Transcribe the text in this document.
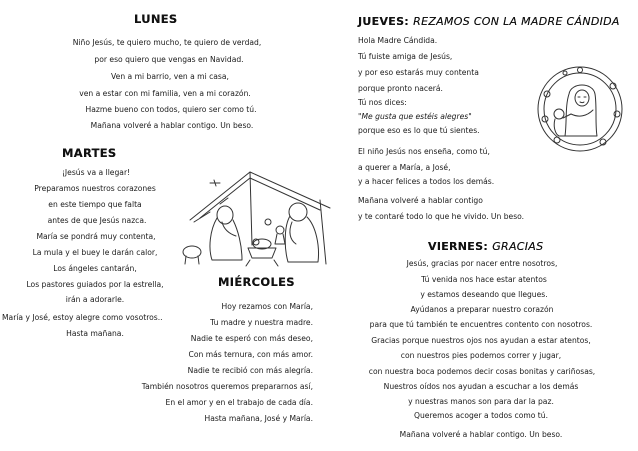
LUNES
Niño Jesús, te quiero mucho, te quiero de verdad,
por eso quiero que vengas en Navidad.
Ven a mi barrio, ven a mi casa,
ven a estar con mi familia, ven a mi corazón.
Hazme bueno con todos, quiero ser como tú.
Mañana volveré a hablar contigo. Un beso.
MARTES
¡Jesús va a llegar!
Preparamos nuestros corazones
en este tiempo que falta
antes de que Jesús nazca.
María se pondrá muy contenta,
La mula y el buey le darán calor,
Los ángeles cantarán,
Los pastores guiados por la estrella,
irán a adorarle.
María y José, estoy alegre como vosotros..
Hasta mañana.
MIÉRCOLES
Hoy rezamos con María,
Tu madre y nuestra madre.
Nadie te esperó con más deseo,
Con más ternura, con más amor.
Nadie te recibió con más alegría.
También nosotros queremos prepararnos así,
En el amor y en el trabajo de cada día.
Hasta mañana, José y María.
JUEVES: REZAMOS CON LA MADRE CÁNDIDA
Hola Madre Cándida.
Tú fuiste amiga de Jesús,
y por eso estarás muy contenta
porque pronto nacerá.
Tú nos dices:
"Me gusta que estéis alegres"
porque eso es lo que tú sientes.
El niño Jesús nos enseña, como tú,
a querer a María, a José,
y a hacer felices a todos los demás.
Mañana volveré a hablar contigo
y te contaré todo lo que he vivido. Un beso.
VIERNES: GRACIAS
Jesús, gracias por nacer entre nosotros,
Tú venida nos hace estar atentos
y estamos deseando que llegues.
Ayúdanos a preparar nuestro corazón
para que tú también te encuentres contento con nosotros.
Gracias porque nuestros ojos nos ayudan a estar atentos,
con nuestros pies podemos correr y jugar,
con nuestra boca podemos decir cosas bonitas y cariñosas,
Nuestros oídos nos ayudan a escuchar a los demás
y nuestras manos son para dar la paz.
Queremos acoger a todos como tú.
Mañana volveré a hablar contigo. Un beso.
